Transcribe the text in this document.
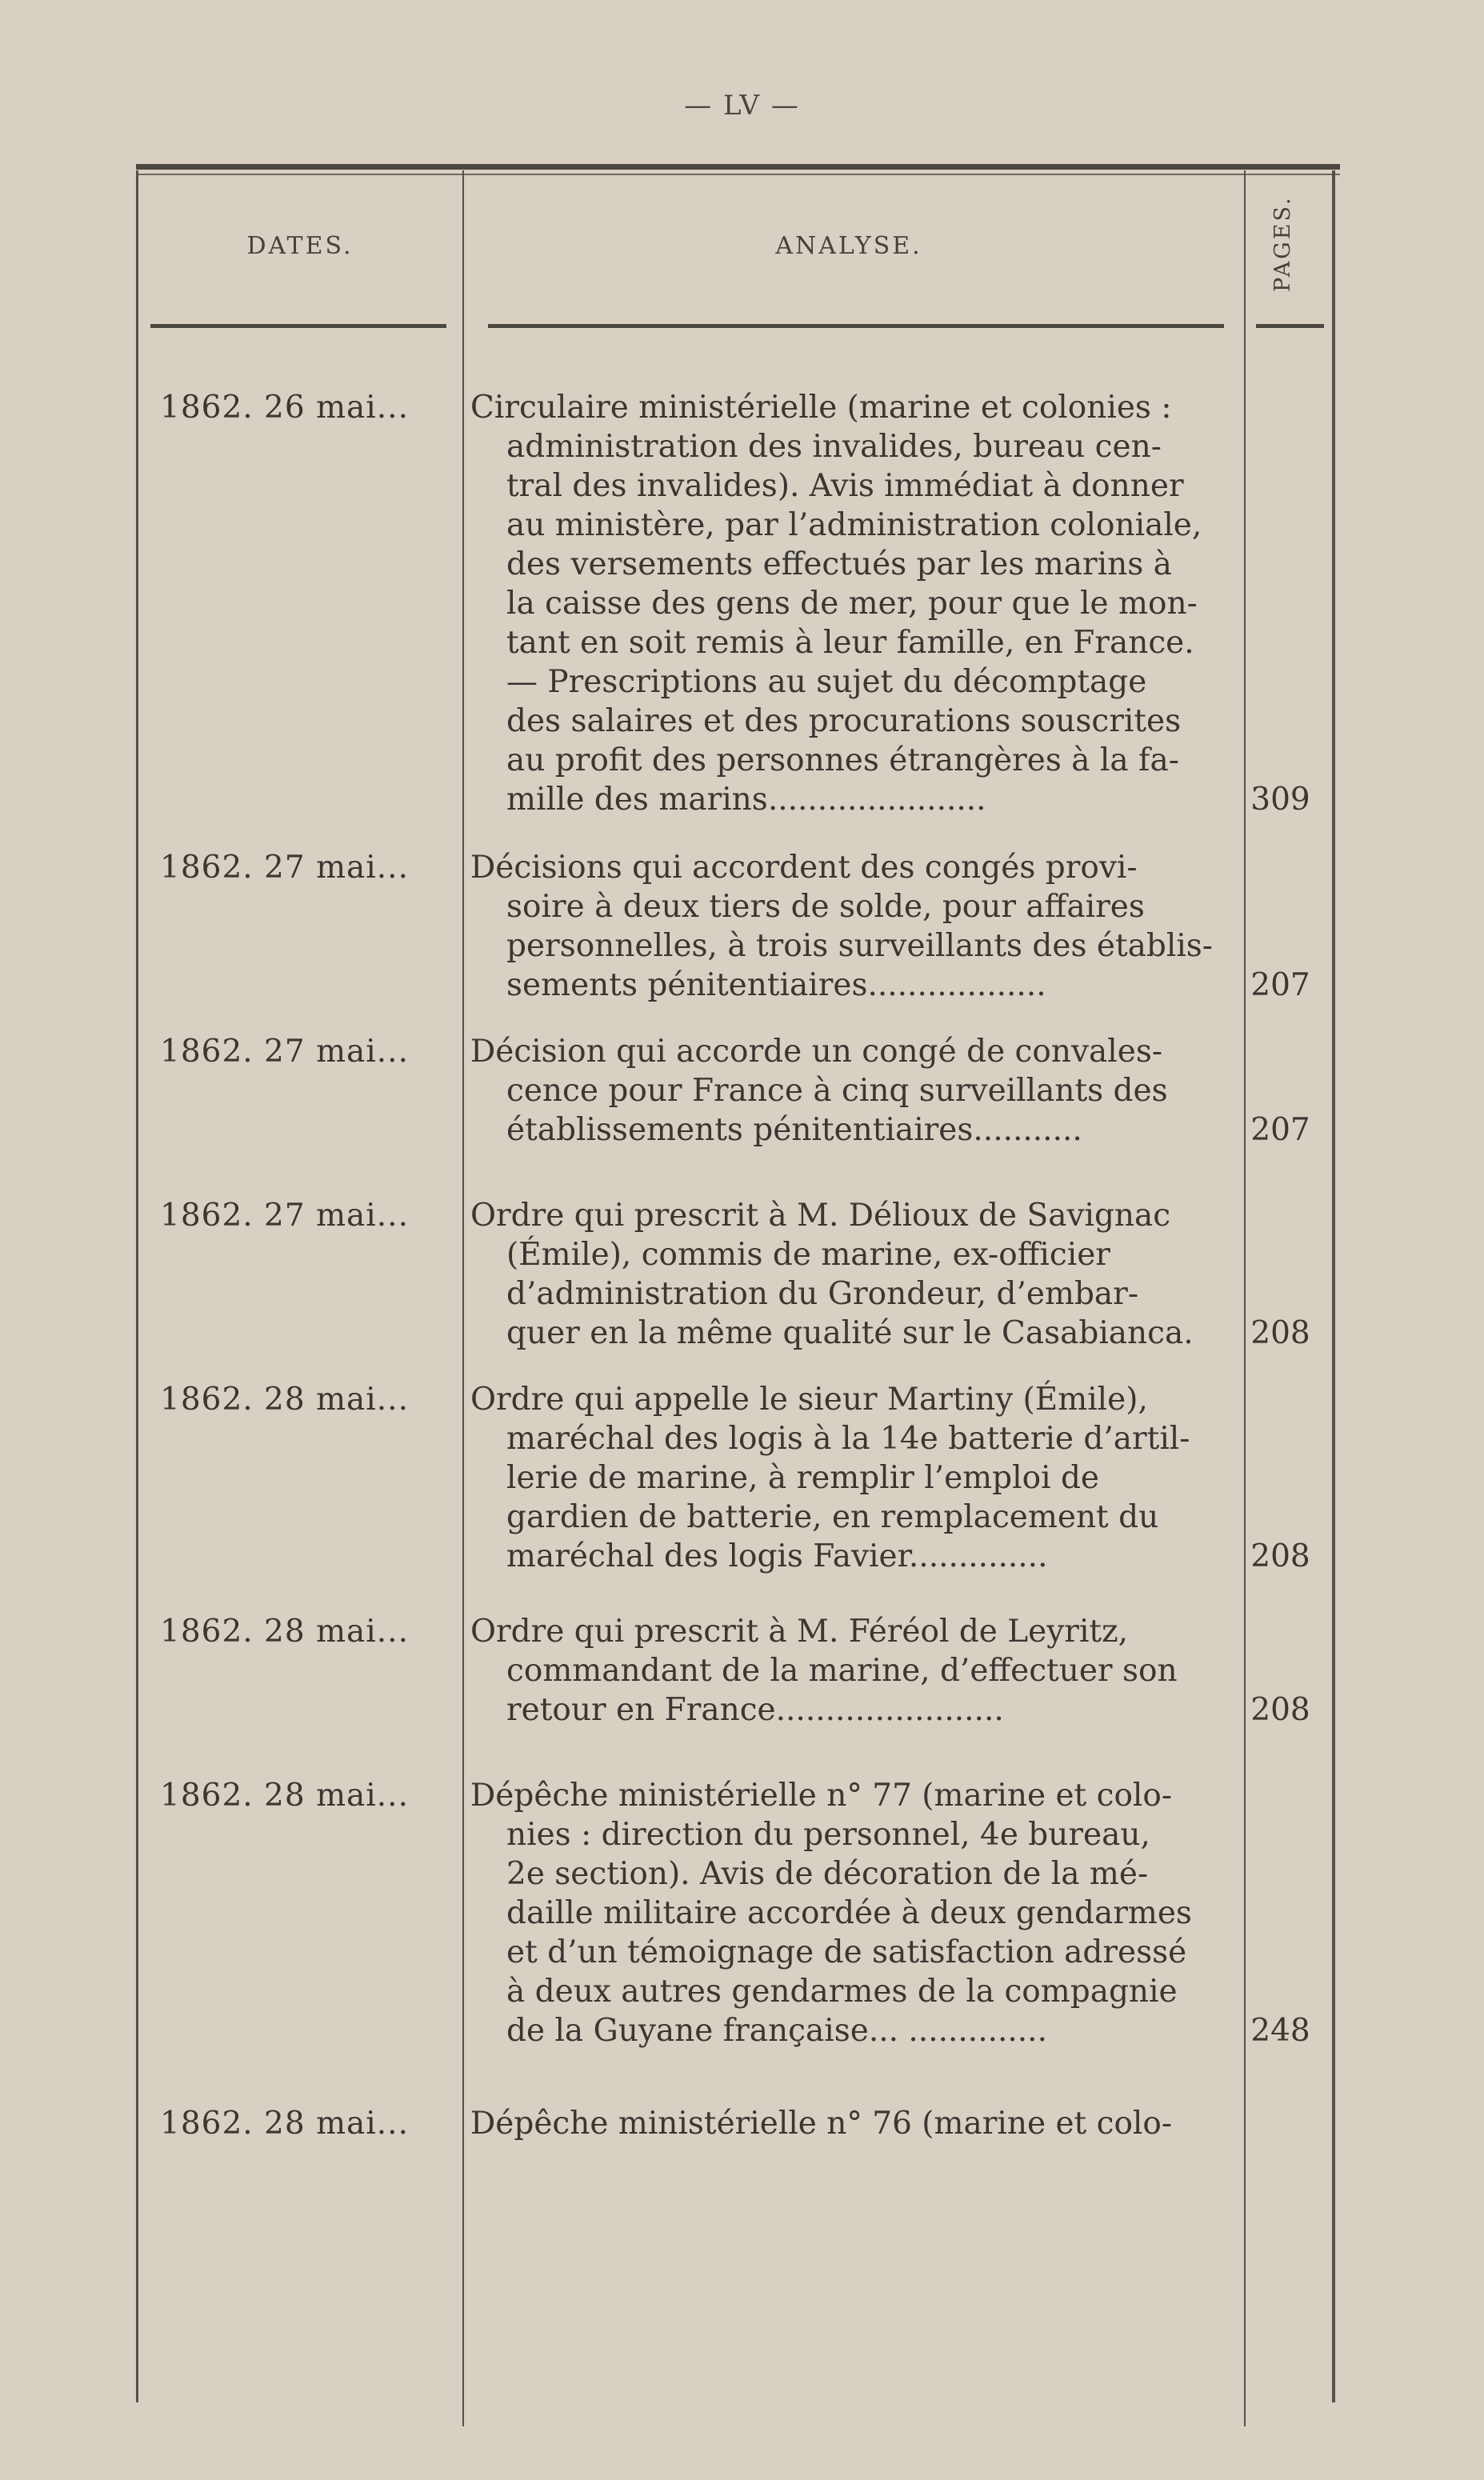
— LV —
DATES.	ANALYSE.	PAGES.
1862. 26 mai... Circulaire ministérielle (marine et colonies :
administration des invalides, bureau cen-
tral des invalides). Avis immédiat à donner
au ministère, par l’administration coloniale,
des versements effectués par les marins à
la caisse des gens de mer, pour que le mon-
tant en soit remis à leur famille, en France.
— Prescriptions au sujet du décomptage
des salaires et des procurations souscrites
au profit des personnes étrangères à la fa-
mille des marins......................	309
1862. 27 mai... Décisions qui accordent des congés provi-
soire à deux tiers de solde, pour affaires
personnelles, à trois surveillants des établis-
sements pénitentiaires..................	207
1862. 27 mai... Décision qui accorde un congé de convales-
cence pour France à cinq surveillants des
établissements pénitentiaires...........	207
1862. 27 mai... Ordre qui prescrit à M. Délioux de Savignac
(Émile), commis de marine, ex-officier
d’administration du Grondeur, d’embar-
quer en la même qualité sur le Casabianca.	208
1862. 28 mai... Ordre qui appelle le sieur Martiny (Émile),
maréchal des logis à la 14e batterie d’artil-
lerie de marine, à remplir l’emploi de
gardien de batterie, en remplacement du
maréchal des logis Favier..............	208
1862. 28 mai... Ordre qui prescrit à M. Féréol de Leyritz,
commandant de la marine, d’effectuer son
retour en France.......................	208
1862. 28 mai... Dépêche ministérielle n° 77 (marine et colo-
nies : direction du personnel, 4e bureau,
2e section). Avis de décoration de la mé-
daille militaire accordée à deux gendarmes
et d’un témoignage de satisfaction adressé
à deux autres gendarmes de la compagnie
de la Guyane française... ..............	248
1862. 28 mai... Dépêche ministérielle n° 76 (marine et colo-
